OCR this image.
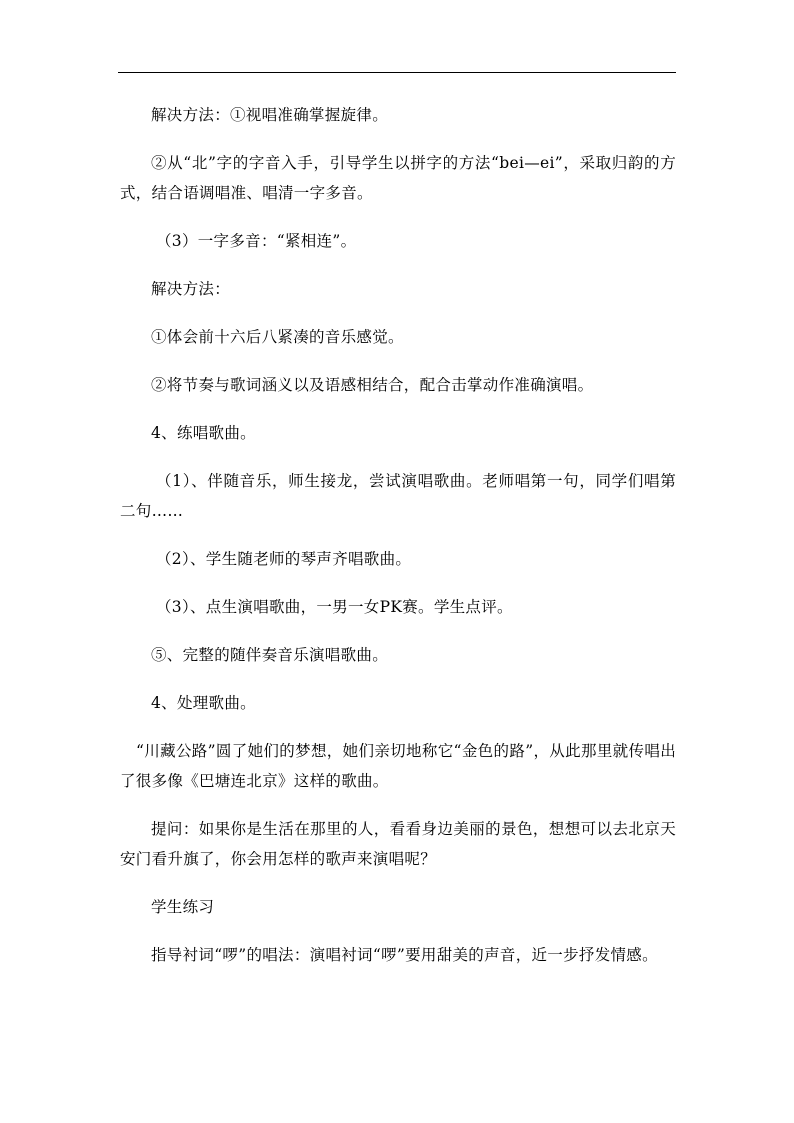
解决方法：①视唱准确掌握旋律。

②从“北”字的字音入手，引导学生以拼字的方法“bei—ei”，采取归韵的方式，结合语调唱准、唱清一字多音。

（3）一字多音：“紧相连”。

解决方法：

①体会前十六后八紧凑的音乐感觉。

②将节奏与歌词涵义以及语感相结合，配合击掌动作准确演唱。

4、练唱歌曲。

（1）、伴随音乐，师生接龙，尝试演唱歌曲。老师唱第一句，同学们唱第二句……

（2）、学生随老师的琴声齐唱歌曲。

（3）、点生演唱歌曲，一男一女PK赛。学生点评。

⑤、完整的随伴奏音乐演唱歌曲。

4、处理歌曲。

“川藏公路”圆了她们的梦想，她们亲切地称它“金色的路”，从此那里就传唱出了很多像《巴塘连北京》这样的歌曲。

提问：如果你是生活在那里的人，看看身边美丽的景色，想想可以去北京天安门看升旗了，你会用怎样的歌声来演唱呢？

学生练习

指导衬词“啰”的唱法：演唱衬词“啰”要用甜美的声音，近一步抒发情感。
